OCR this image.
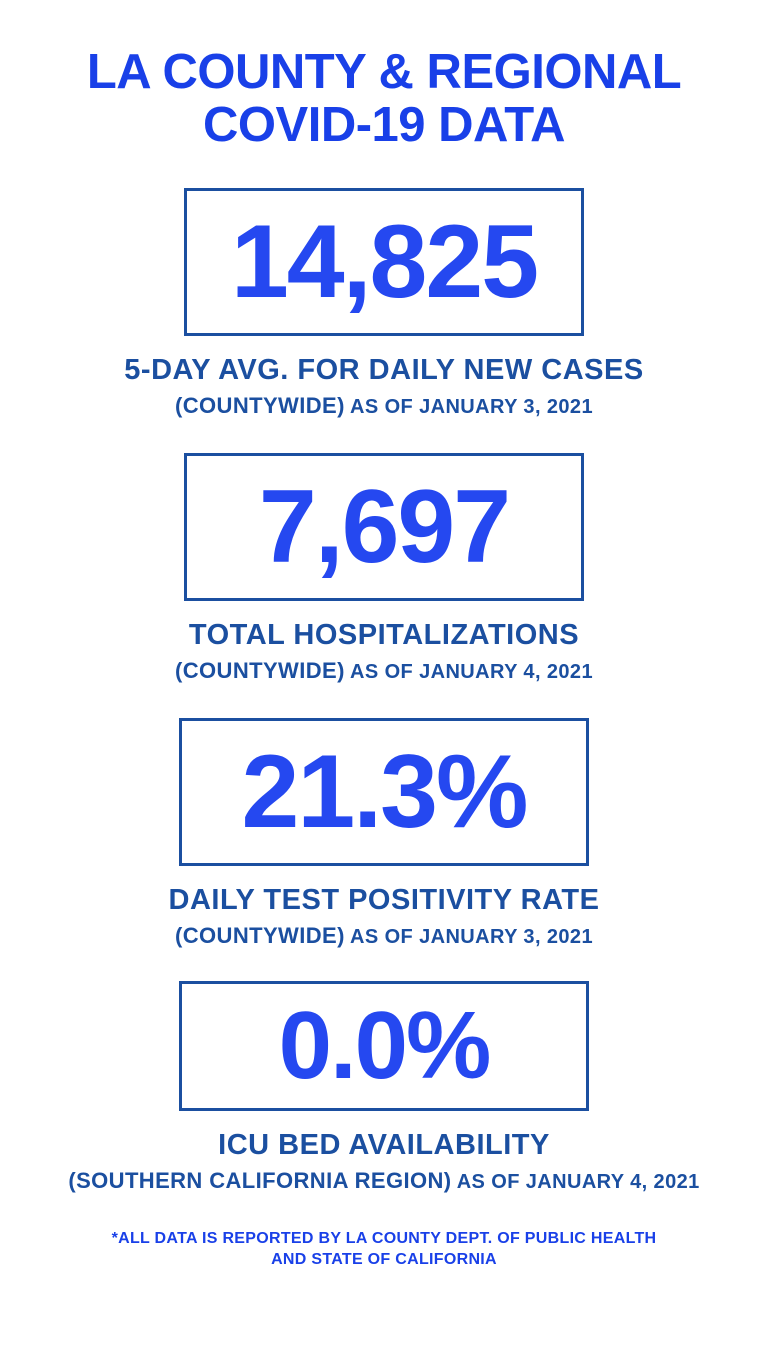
LA COUNTY & REGIONAL
COVID-19 DATA
14,825
5-DAY AVG. FOR DAILY NEW CASES
(COUNTYWIDE) AS OF JANUARY 3, 2021
7,697
TOTAL HOSPITALIZATIONS
(COUNTYWIDE) AS OF JANUARY 4, 2021
21.3%
DAILY TEST POSITIVITY RATE
(COUNTYWIDE) AS OF JANUARY 3, 2021
0.0%
ICU BED AVAILABILITY
(SOUTHERN CALIFORNIA REGION) AS OF JANUARY 4, 2021
*ALL DATA IS REPORTED BY LA COUNTY DEPT. OF PUBLIC HEALTH
AND STATE OF CALIFORNIA
